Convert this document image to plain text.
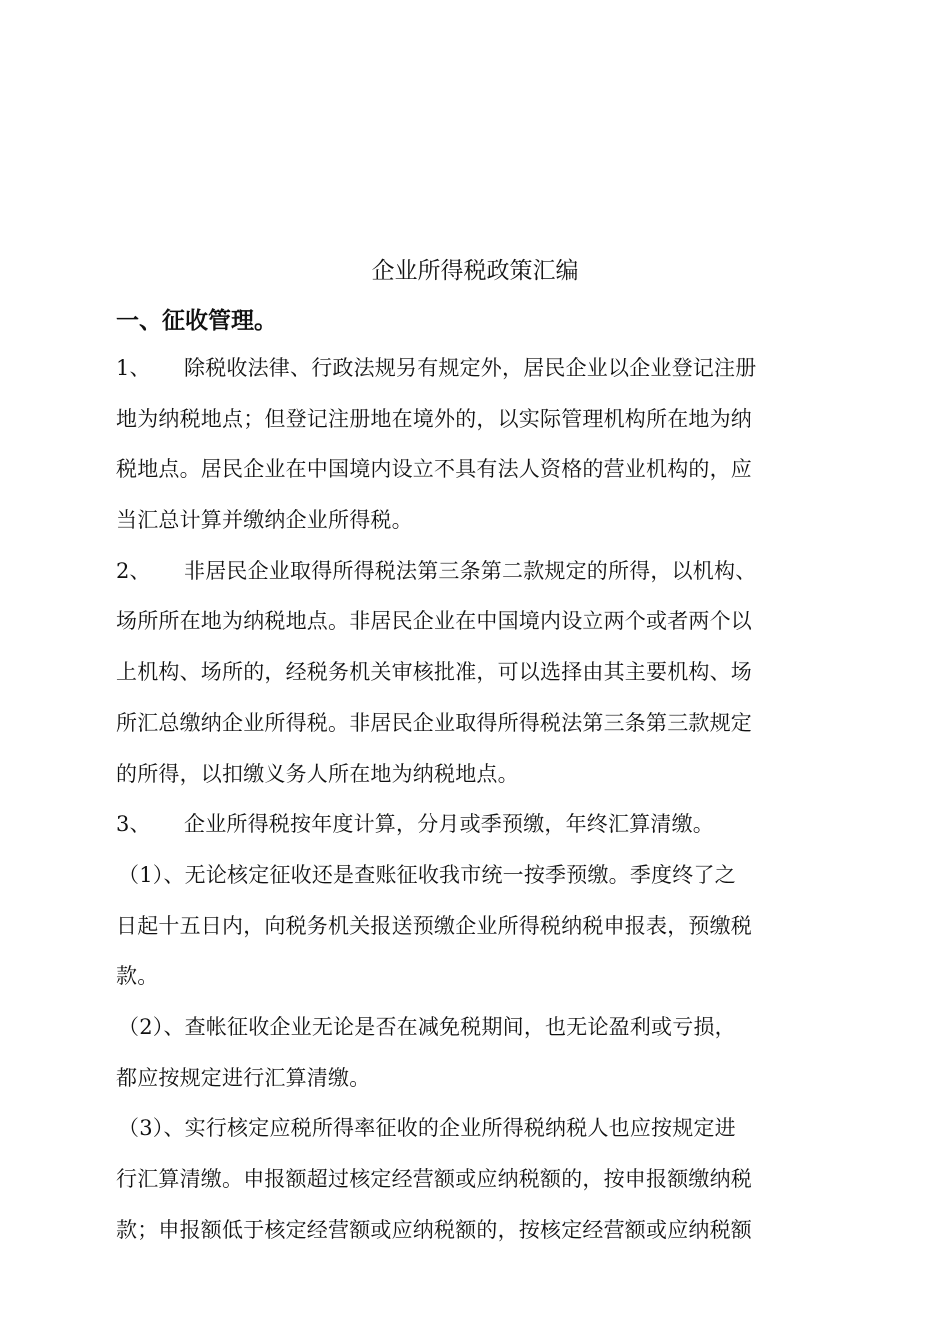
企业所得税政策汇编
一、征收管理。
1、 除税收法律、行政法规另有规定外，居民企业以企业登记注册
地为纳税地点；但登记注册地在境外的，以实际管理机构所在地为纳
税地点。居民企业在中国境内设立不具有法人资格的营业机构的，应
当汇总计算并缴纳企业所得税。
2、 非居民企业取得所得税法第三条第二款规定的所得，以机构、
场所所在地为纳税地点。非居民企业在中国境内设立两个或者两个以
上机构、场所的，经税务机关审核批准，可以选择由其主要机构、场
所汇总缴纳企业所得税。非居民企业取得所得税法第三条第三款规定
的所得，以扣缴义务人所在地为纳税地点。
3、 企业所得税按年度计算，分月或季预缴，年终汇算清缴。
（1）、无论核定征收还是查账征收我市统一按季预缴。季度终了之
日起十五日内，向税务机关报送预缴企业所得税纳税申报表，预缴税
款。
（2）、查帐征收企业无论是否在减免税期间，也无论盈利或亏损，
都应按规定进行汇算清缴。
（3）、实行核定应税所得率征收的企业所得税纳税人也应按规定进
行汇算清缴。申报额超过核定经营额或应纳税额的，按申报额缴纳税
款；申报额低于核定经营额或应纳税额的，按核定经营额或应纳税额
